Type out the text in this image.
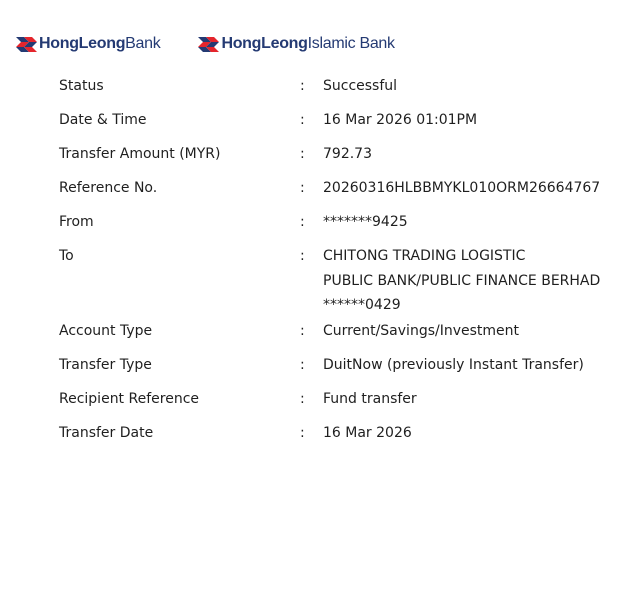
HongLeongBank	HongLeongIslamic Bank
Status	:	Successful
Date & Time	:	16 Mar 2026 01:01PM
Transfer Amount (MYR)	:	792.73
Reference No.	:	20260316HLBBMYKL010ORM26664767
From	:	*******9425
To	:	CHITONG TRADING LOGISTIC
PUBLIC BANK/PUBLIC FINANCE BERHAD
******0429
Account Type	:	Current/Savings/Investment
Transfer Type	:	DuitNow (previously Instant Transfer)
Recipient Reference	:	Fund transfer
Transfer Date	:	16 Mar 2026
